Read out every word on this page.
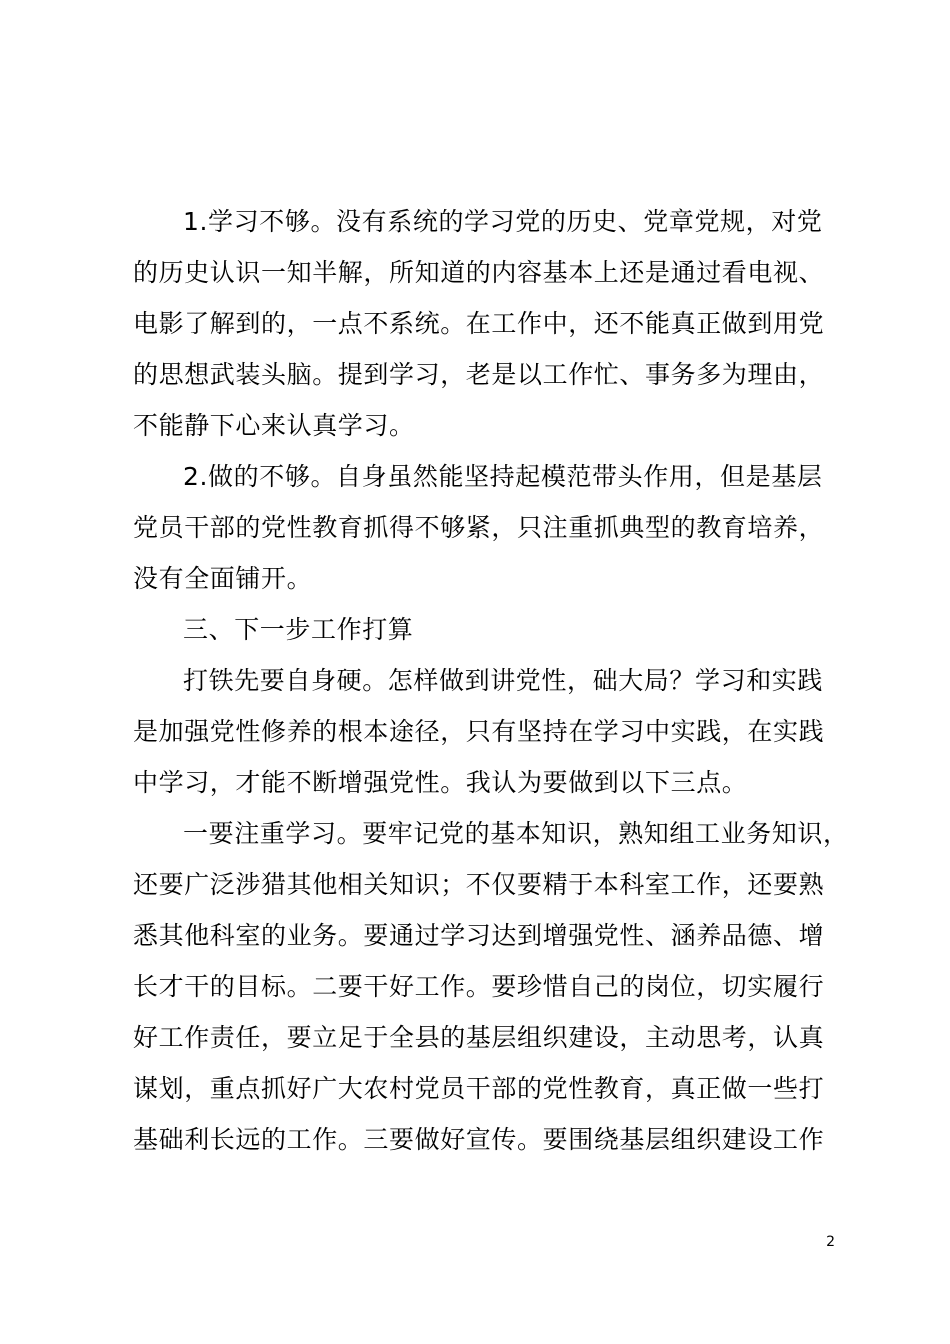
1.学习不够。没有系统的学习党的历史、党章党规，对党
的历史认识一知半解，所知道的内容基本上还是通过看电视、
电影了解到的，一点不系统。在工作中，还不能真正做到用党
的思想武装头脑。提到学习，老是以工作忙、事务多为理由，
不能静下心来认真学习。
2.做的不够。自身虽然能坚持起模范带头作用，但是基层
党员干部的党性教育抓得不够紧，只注重抓典型的教育培养，
没有全面铺开。
三、下一步工作打算
打铁先要自身硬。怎样做到讲党性，础大局？学习和实践
是加强党性修养的根本途径，只有坚持在学习中实践，在实践
中学习，才能不断增强党性。我认为要做到以下三点。
一要注重学习。要牢记党的基本知识，熟知组工业务知识，
还要广泛涉猎其他相关知识；不仅要精于本科室工作，还要熟
悉其他科室的业务。要通过学习达到增强党性、涵养品德、增
长才干的目标。二要干好工作。要珍惜自己的岗位，切实履行
好工作责任，要立足于全县的基层组织建设，主动思考，认真
谋划，重点抓好广大农村党员干部的党性教育，真正做一些打
基础利长远的工作。三要做好宣传。要围绕基层组织建设工作
2
